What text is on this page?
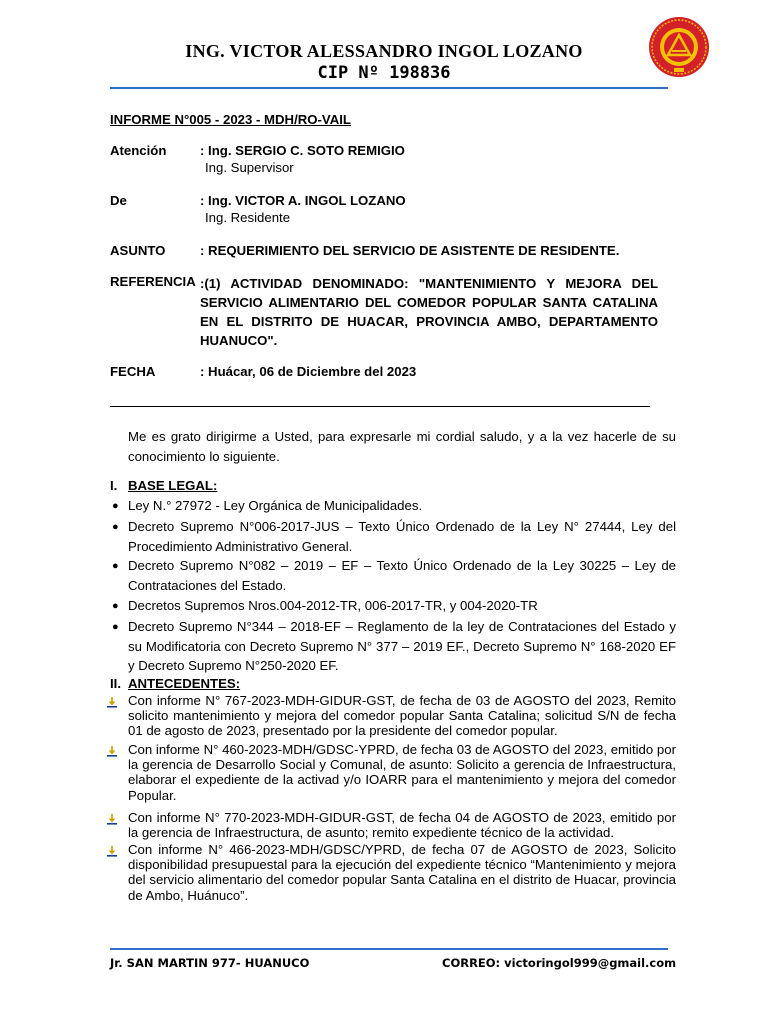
ING. VICTOR ALESSANDRO INGOL LOZANO
CIP Nº 198836
INFORME N°005 - 2023 - MDH/RO-VAIL
Atención	: Ing. SERGIO C. SOTO REMIGIO
Ing. Supervisor
De	: Ing. VICTOR A. INGOL LOZANO
Ing. Residente
ASUNTO	: REQUERIMIENTO DEL SERVICIO DE ASISTENTE DE RESIDENTE.
REFERENCIA :(1) ACTIVIDAD DENOMINADO: "MANTENIMIENTO Y MEJORA DEL SERVICIO ALIMENTARIO DEL COMEDOR POPULAR SANTA CATALINA EN EL DISTRITO DE HUACAR, PROVINCIA AMBO, DEPARTAMENTO HUANUCO".
FECHA	: Huácar, 06 de Diciembre del 2023
Me es grato dirigirme a Usted, para expresarle mi cordial saludo, y a la vez hacerle de su conocimiento lo siguiente.
I. BASE LEGAL:
● Ley N.° 27972 - Ley Orgánica de Municipalidades.
● Decreto Supremo N°006-2017-JUS – Texto Único Ordenado de la Ley N° 27444, Ley del Procedimiento Administrativo General.
● Decreto Supremo N°082 – 2019 – EF – Texto Único Ordenado de la Ley 30225 – Ley de Contrataciones del Estado.
● Decretos Supremos Nros.004-2012-TR, 006-2017-TR, y 004-2020-TR
● Decreto Supremo N°344 – 2018-EF – Reglamento de la ley de Contrataciones del Estado y su Modificatoria con Decreto Supremo N° 377 – 2019 EF., Decreto Supremo N° 168-2020 EF y Decreto Supremo N°250-2020 EF.
II. ANTECEDENTES:
Con informe N° 767-2023-MDH-GIDUR-GST, de fecha de 03 de AGOSTO del 2023, Remito solicito mantenimiento y mejora del comedor popular Santa Catalina; solicitud S/N de fecha 01 de agosto de 2023, presentado por la presidente del comedor popular.
Con informe N° 460-2023-MDH/GDSC-YPRD, de fecha 03 de AGOSTO del 2023, emitido por la gerencia de Desarrollo Social y Comunal, de asunto: Solicito a gerencia de Infraestructura, elaborar el expediente de la activad y/o IOARR para el mantenimiento y mejora del comedor Popular.
Con informe N° 770-2023-MDH-GIDUR-GST, de fecha 04 de AGOSTO de 2023, emitido por la gerencia de Infraestructura, de asunto; remito expediente técnico de la actividad.
Con informe N° 466-2023-MDH/GDSC/YPRD, de fecha 07 de AGOSTO de 2023, Solicito disponibilidad presupuestal para la ejecución del expediente técnico “Mantenimiento y mejora del servicio alimentario del comedor popular Santa Catalina en el distrito de Huacar, provincia de Ambo, Huánuco”.
Jr. SAN MARTIN 977- HUANUCO	CORREO: victoringol999@gmail.com
